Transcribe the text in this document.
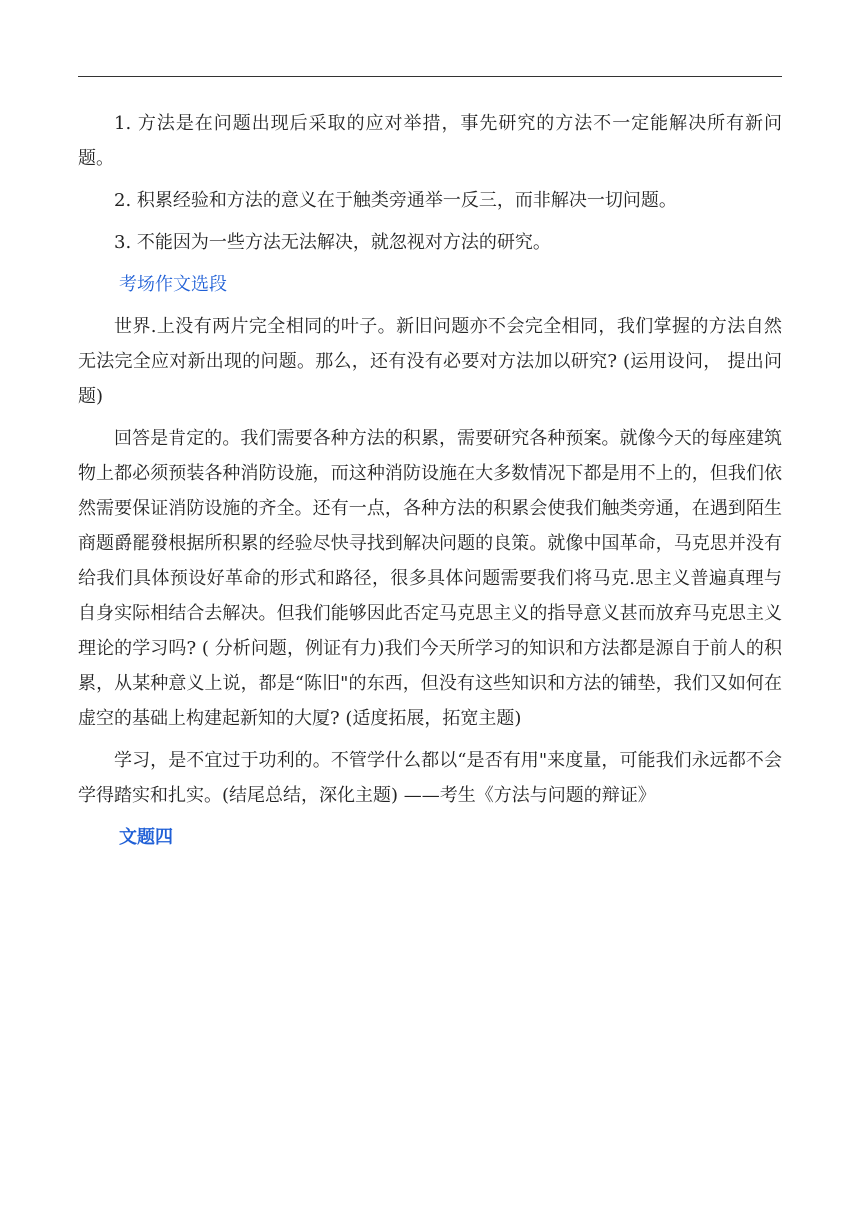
1. 方法是在问题出现后采取的应对举措，事先研究的方法不一定能解决所有新问题。

2. 积累经验和方法的意义在于触类旁通举一反三，而非解决一切问题。

3. 不能因为一些方法无法解决，就忽视对方法的研究。

考场作文选段

世界.上没有两片完全相同的叶子。新旧问题亦不会完全相同，我们掌握的方法自然无法完全应对新出现的问题。那么，还有没有必要对方法加以研究? (运用设问， 提出问题)

回答是肯定的。我们需要各种方法的积累，需要研究各种预案。就像今天的每座建筑物上都必须预装各种消防设施，而这种消防设施在大多数情况下都是用不上的，但我们依然需要保证消防设施的齐全。还有一点，各种方法的积累会使我们触类旁通，在遇到陌生商题爵罷發根据所积累的经验尽快寻找到解决问题的良策。就像中国革命，马克思并没有给我们具体预设好革命的形式和路径，很多具体问题需要我们将马克.思主义普遍真理与自身实际相结合去解决。但我们能够因此否定马克思主义的指导意义甚而放弃马克思主义理论的学习吗? ( 分析问题，例证有力)我们今天所学习的知识和方法都是源自于前人的积累，从某种意义上说，都是“陈旧"的东西，但没有这些知识和方法的铺垫，我们又如何在虚空的基础上构建起新知的大厦? (适度拓展，拓宽主题)

学习，是不宜过于功利的。不管学什么都以“是否有用"来度量，可能我们永远都不会学得踏实和扎实。(结尾总结，深化主题) ——考生《方法与问题的辩证》

文题四
